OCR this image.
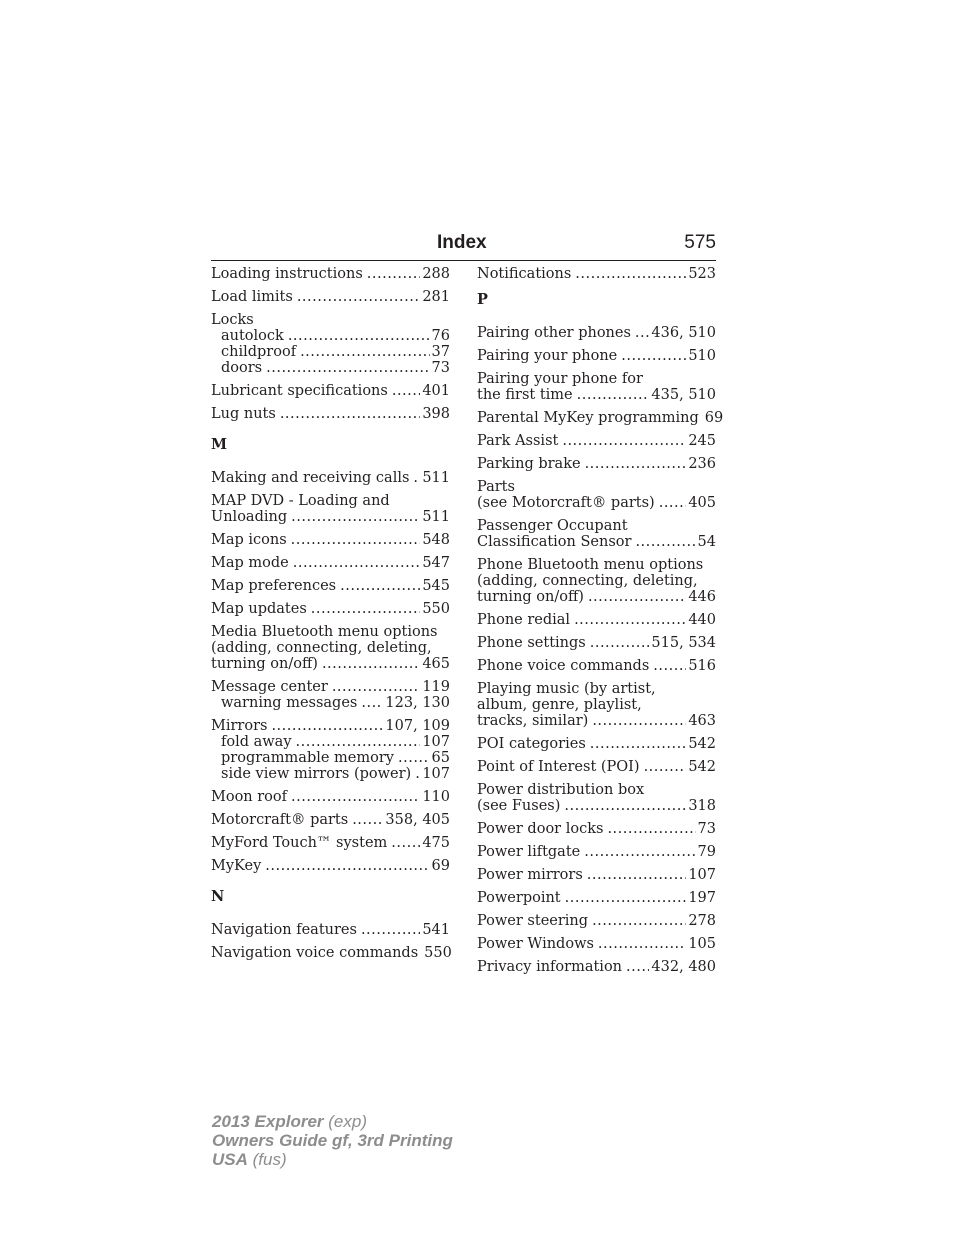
Index	575
Loading instructions .....	288
Load limits .....	281
Locks
autolock .....	76
childproof .....	37
doors .....	73
Lubricant specifications ..... 401
Lug nuts .....	398
M
Making and receiving calls ..... 511
MAP DVD - Loading and
Unloading .....	511
Map icons .....	548
Map mode .....	547
Map preferences .....	545
Map updates .....	550
Media Bluetooth menu options
(adding, connecting, deleting,
turning on/off) .....	465
Message center .....	119
warning messages ..... 123, 130
Mirrors .....	107, 109
fold away .....	107
programmable memory .....	65
side view mirrors (power) ..... 107
Moon roof .....	110
Motorcraft® parts .....	358, 405
MyFord Touch™ system ..... 475
MyKey .....	69
N
Navigation features .....	541
Navigation voice commands 550
Notifications .....	523
P
Pairing other phones ..... 436, 510
Pairing your phone .....	510
Pairing your phone for
the first time .....	435, 510
Parental MyKey programming 69
Park Assist .....	245
Parking brake .....	236
Parts
(see Motorcraft® parts) ..... 405
Passenger Occupant
Classification Sensor .....	54
Phone Bluetooth menu options
(adding, connecting, deleting,
turning on/off) .....	446
Phone redial .....	440
Phone settings .....	515, 534
Phone voice commands .....	516
Playing music (by artist,
album, genre, playlist,
tracks, similar) .....	463
POI categories .....	542
Point of Interest (POI) .....	542
Power distribution box
(see Fuses) .....	318
Power door locks .....	73
Power liftgate .....	79
Power mirrors .....	107
Powerpoint .....	197
Power steering .....	278
Power Windows .....	105
Privacy information ..... 432, 480
2013 Explorer (exp)
Owners Guide gf, 3rd Printing
USA (fus)
